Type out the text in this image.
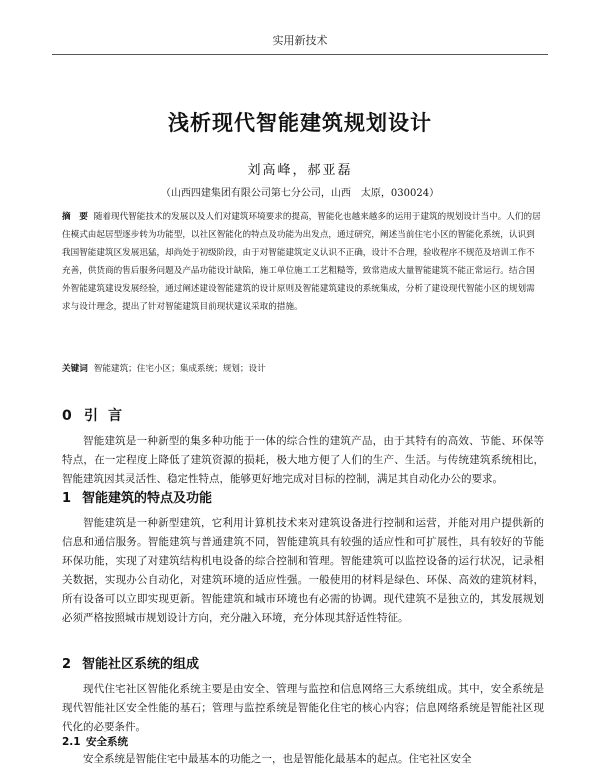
实用新技术
浅析现代智能建筑规划设计
刘高峰，郝亚磊
（山西四建集团有限公司第七分公司，山西　太原，030024）
摘　要 随着现代智能技术的发展以及人们对建筑环境要求的提高，智能化也越来越多的运用于建筑的规划设计当中。人们的居住模式由起居型逐步转为功能型，以社区智能化的特点及功能为出发点，通过研究，阐述当前住宅小区的智能化系统，认识到我国智能建筑区发展迅猛，却尚处于初级阶段，由于对智能建筑定义认识不正确，设计不合理，验收程序不规范及培训工作不充善，供货商的售后服务问题及产品功能设计缺陷，施工单位施工工艺粗糙等，致常造成大量智能建筑不能正常运行。结合国外智能建筑建设发展经验，通过阐述建设智能建筑的设计原则及智能建筑建设的系统集成，分析了建设现代智能小区的规划需求与设计理念，提出了针对智能建筑目前现状建议采取的措施。
关键词 智能建筑；住宅小区；集成系统；规划；设计
0 引言

智能建筑是一种新型的集多种功能于一体的综合性的建筑产品，由于其特有的高效、节能、环保等特点，在一定程度上降低了建筑资源的损耗，极大地方便了人们的生产、生活。与传统建筑系统相比，智能建筑因其灵活性、稳定性特点，能够更好地完成对目标的控制，满足其自动化办公的要求。

1 智能建筑的特点及功能

智能建筑是一种新型建筑，它利用计算机技术来对建筑设备进行控制和运营，并能对用户提供新的信息和通信服务。智能建筑与普通建筑不同，智能建筑具有较强的适应性和可扩展性，具有较好的节能环保功能，实现了对建筑结构机电设备的综合控制和管理。智能建筑可以监控设备的运行状况，记录相关数据，实现办公自动化，对建筑环境的适应性强。一般使用的材料是绿色、环保、高效的建筑材料，所有设备可以立即实现更新。智能建筑和城市环境也有必需的协调。现代建筑不是独立的，其发展规划必须严格按照城市规划设计方向，充分融入环境，充分体现其舒适性特征。

2 智能社区系统的组成

现代住宅社区智能化系统主要是由安全、管理与监控和信息网络三大系统组成。其中，安全系统是现代智能社区安全性能的基石；管理与监控系统是智能化住宅的核心内容；信息网络系统是智能社区现代化的必要条件。

2.1 安全系统

安全系统是智能住宅中最基本的功能之一，也是智能化最基本的起点。住宅社区安全
